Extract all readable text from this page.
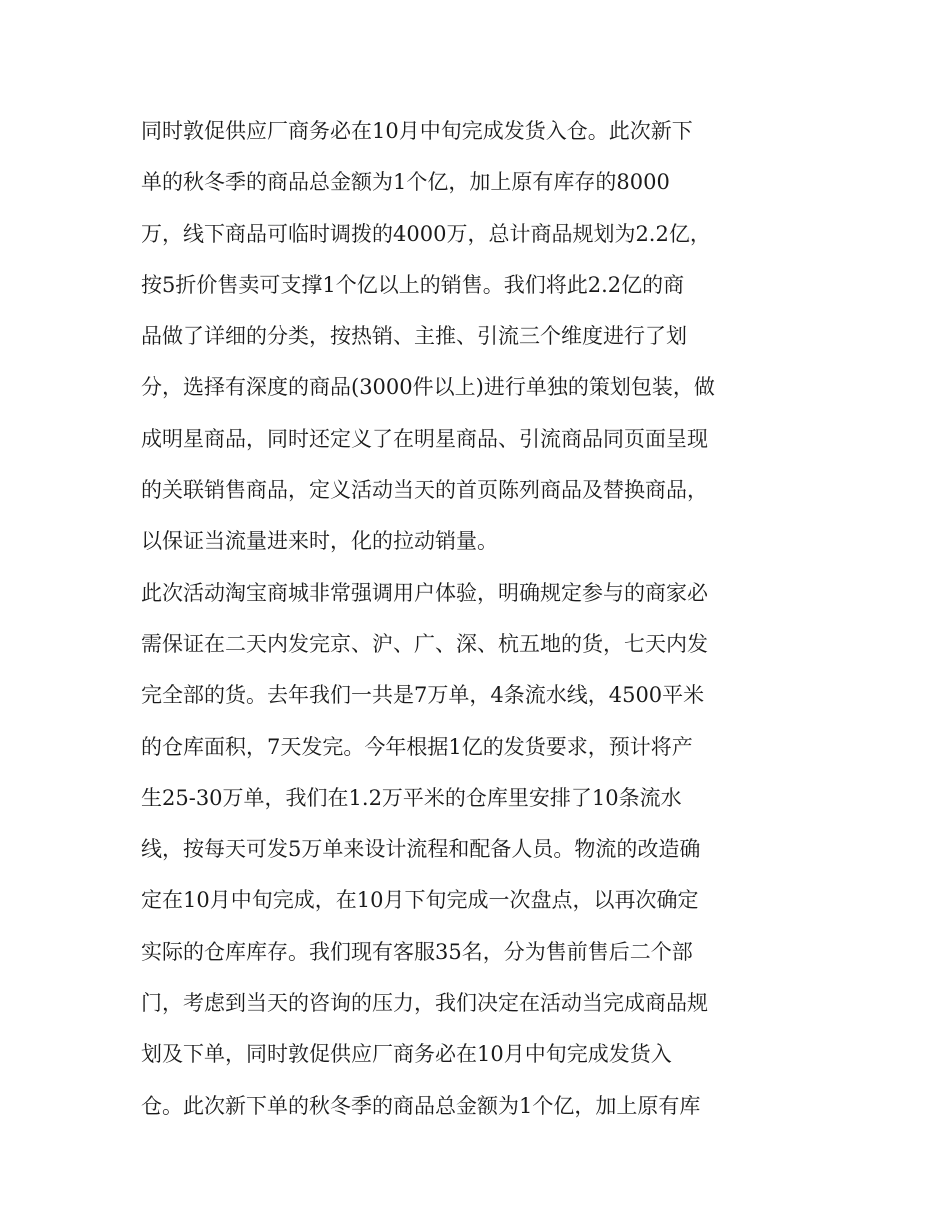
同时敦促供应厂商务必在10月中旬完成发货入仓。此次新下
单的秋冬季的商品总金额为1个亿，加上原有库存的8000
万，线下商品可临时调拨的4000万，总计商品规划为2.2亿，
按5折价售卖可支撑1个亿以上的销售。我们将此2.2亿的商
品做了详细的分类，按热销、主推、引流三个维度进行了划
分，选择有深度的商品(3000件以上)进行单独的策划包装，做
成明星商品，同时还定义了在明星商品、引流商品同页面呈现
的关联销售商品，定义活动当天的首页陈列商品及替换商品，
以保证当流量进来时，化的拉动销量。
此次活动淘宝商城非常强调用户体验，明确规定参与的商家必
需保证在二天内发完京、沪、广、深、杭五地的货，七天内发
完全部的货。去年我们一共是7万单，4条流水线，4500平米
的仓库面积，7天发完。今年根据1亿的发货要求，预计将产
生25-30万单，我们在1.2万平米的仓库里安排了10条流水
线，按每天可发5万单来设计流程和配备人员。物流的改造确
定在10月中旬完成，在10月下旬完成一次盘点，以再次确定
实际的仓库库存。我们现有客服35名，分为售前售后二个部
门，考虑到当天的咨询的压力，我们决定在活动当完成商品规
划及下单，同时敦促供应厂商务必在10月中旬完成发货入
仓。此次新下单的秋冬季的商品总金额为1个亿，加上原有库
